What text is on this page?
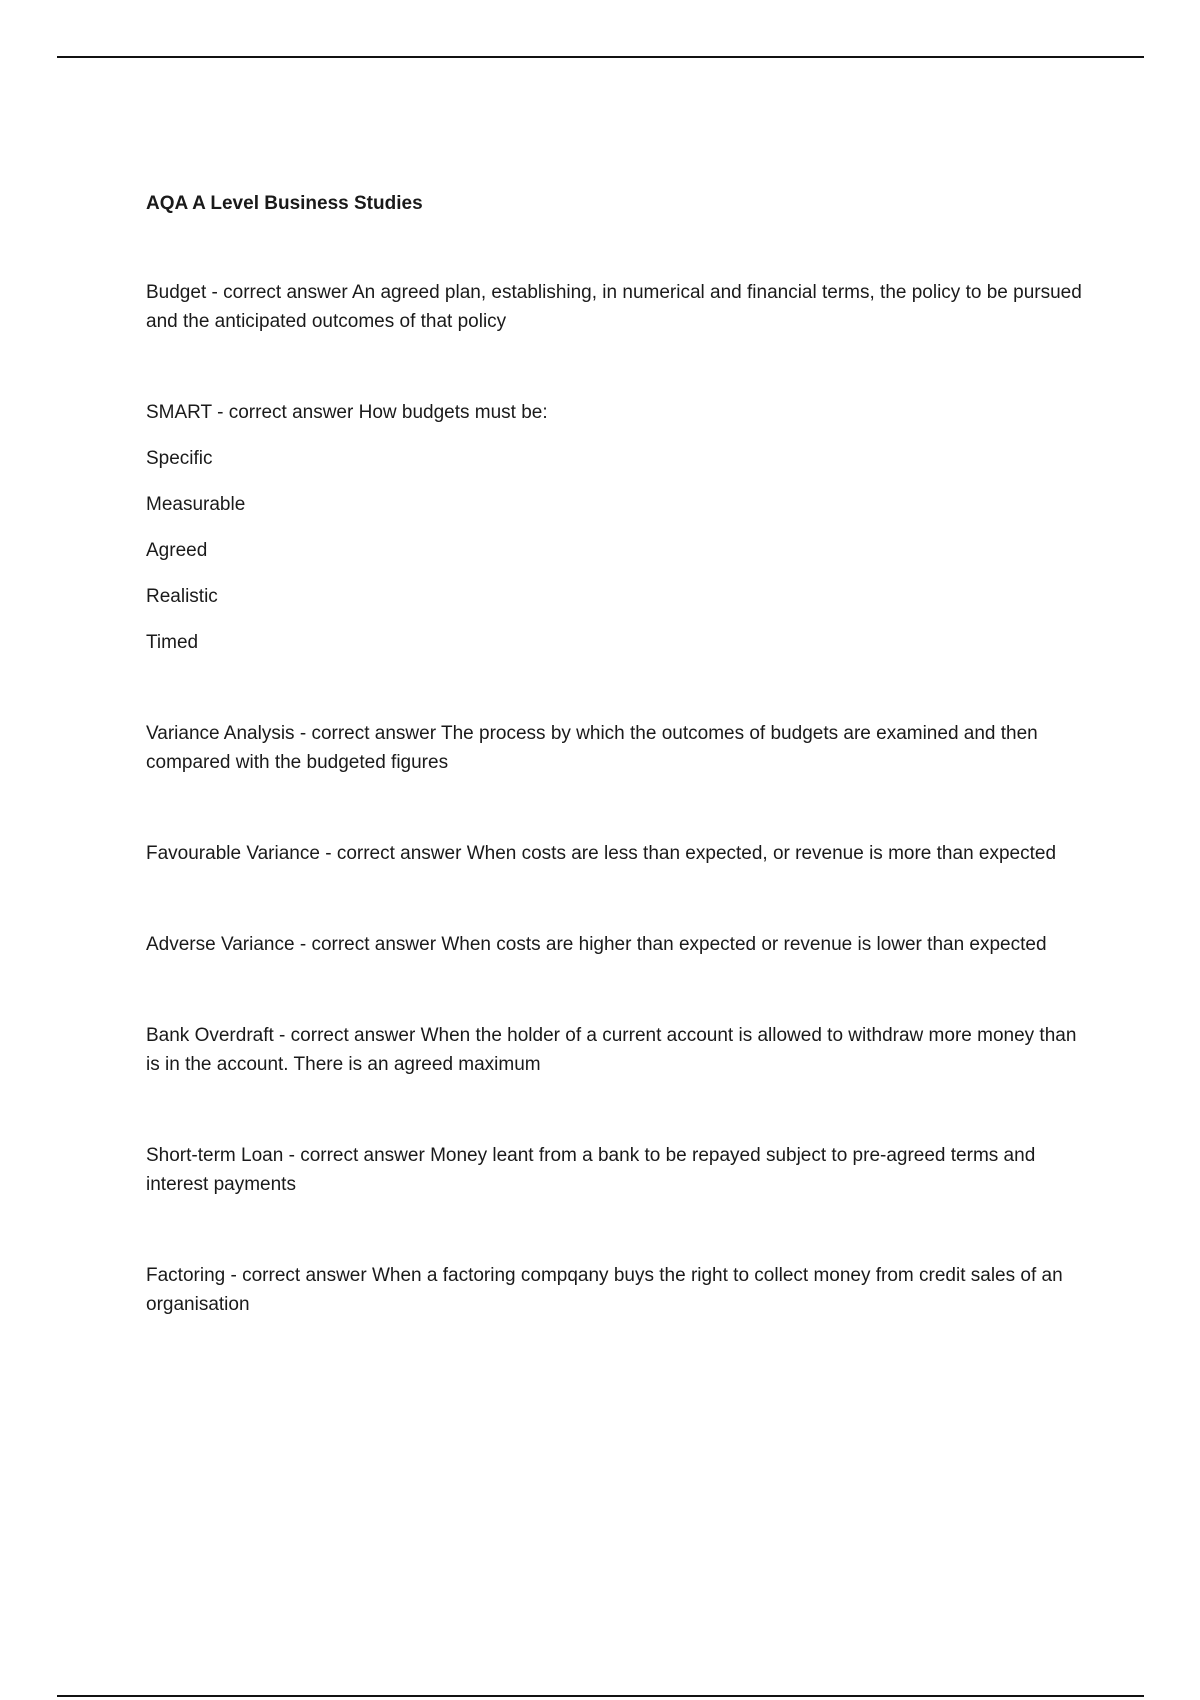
AQA A Level Business Studies
Budget - correct answer An agreed plan, establishing, in numerical and financial terms, the policy to be pursued and the anticipated outcomes of that policy
SMART - correct answer How budgets must be:
Specific
Measurable
Agreed
Realistic
Timed
Variance Analysis - correct answer The process by which the outcomes of budgets are examined and then compared with the budgeted figures
Favourable Variance - correct answer When costs are less than expected, or revenue is more than expected
Adverse Variance - correct answer When costs are higher than expected or revenue is lower than expected
Bank Overdraft - correct answer When the holder of a current account is allowed to withdraw more money than is in the account. There is an agreed maximum
Short-term Loan - correct answer Money leant from a bank to be repayed subject to pre-agreed terms and interest payments
Factoring - correct answer When a factoring compqany buys the right to collect money from credit sales of an organisation
